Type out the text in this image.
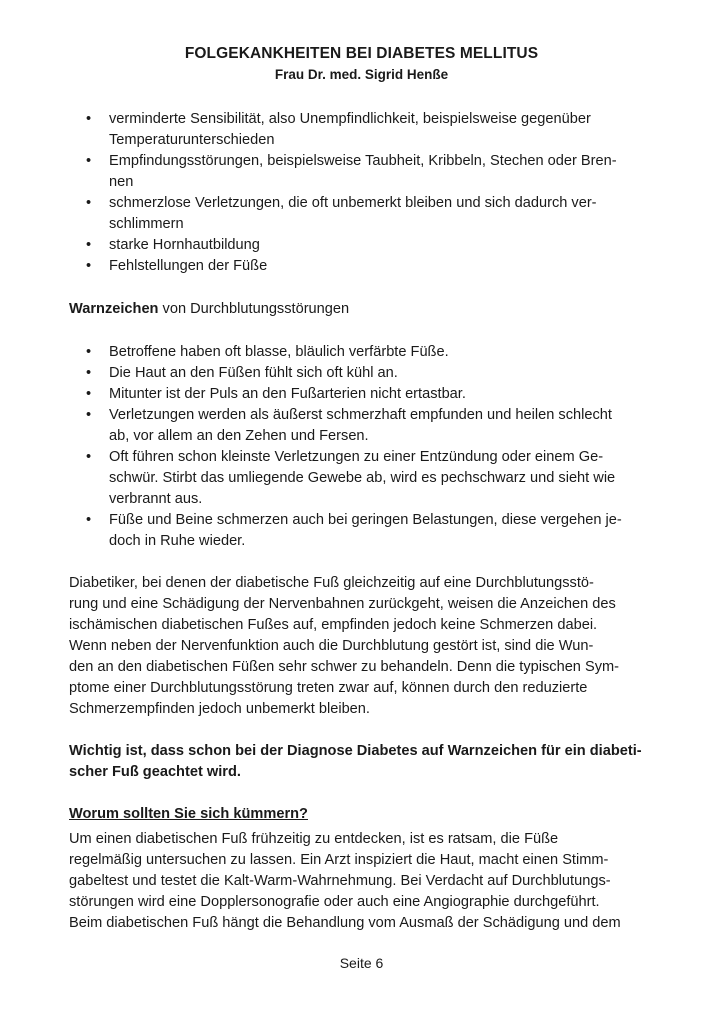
FOLGEKANKHEITEN BEI DIABETES MELLITUS
Frau Dr. med. Sigrid Henße
• verminderte Sensibilität, also Unempfindlichkeit, beispielsweise gegenüber
Temperaturunterschieden
• Empfindungsstörungen, beispielsweise Taubheit, Kribbeln, Stechen oder Bren-
nen
• schmerzlose Verletzungen, die oft unbemerkt bleiben und sich dadurch ver-
schlimmern
• starke Hornhautbildung
• Fehlstellungen der Füße

Warnzeichen von Durchblutungsstörungen

• Betroffene haben oft blasse, bläulich verfärbte Füße.
• Die Haut an den Füßen fühlt sich oft kühl an.
• Mitunter ist der Puls an den Fußarterien nicht ertastbar.
• Verletzungen werden als äußerst schmerzhaft empfunden und heilen schlecht
ab, vor allem an den Zehen und Fersen.
• Oft führen schon kleinste Verletzungen zu einer Entzündung oder einem Ge-
schwür. Stirbt das umliegende Gewebe ab, wird es pechschwarz und sieht wie
verbrannt aus.
• Füße und Beine schmerzen auch bei geringen Belastungen, diese vergehen je-
doch in Ruhe wieder.

Diabetiker, bei denen der diabetische Fuß gleichzeitig auf eine Durchblutungsstö-
rung und eine Schädigung der Nervenbahnen zurückgeht, weisen die Anzeichen des
ischämischen diabetischen Fußes auf, empfinden jedoch keine Schmerzen dabei.
Wenn neben der Nervenfunktion auch die Durchblutung gestört ist, sind die Wun-
den an den diabetischen Füßen sehr schwer zu behandeln. Denn die typischen Sym-
ptome einer Durchblutungsstörung treten zwar auf, können durch den reduzierte
Schmerzempfinden jedoch unbemerkt bleiben.

Wichtig ist, dass schon bei der Diagnose Diabetes auf Warnzeichen für ein diabeti-
scher Fuß geachtet wird.

Worum sollten Sie sich kümmern?

Um einen diabetischen Fuß frühzeitig zu entdecken, ist es ratsam, die Füße
regelmäßig untersuchen zu lassen. Ein Arzt inspiziert die Haut, macht einen Stimm-
gabeltest und testet die Kalt-Warm-Wahrnehmung. Bei Verdacht auf Durchblutungs-
störungen wird eine Dopplersonografie oder auch eine Angiographie durchgeführt.
Beim diabetischen Fuß hängt die Behandlung vom Ausmaß der Schädigung und dem

Seite 6
